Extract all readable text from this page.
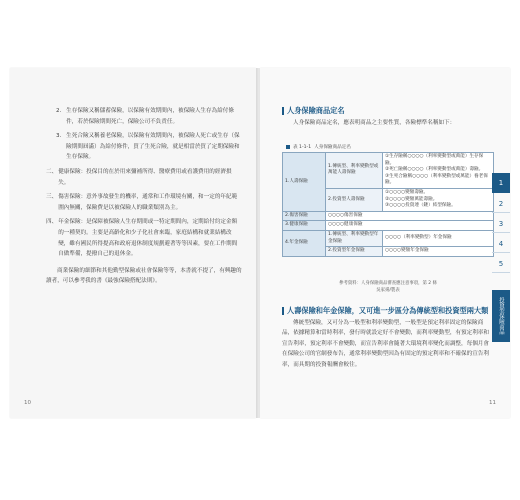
2． 生存保險又稱儲蓄保險，以保險有效期間內，被保險人生存為給付條件，若於保險期間死亡，保險公司不負責任。
3． 生死合險又稱養老保險，以保險有效期間內，被保險人死亡或生存（保險期間屆滿）為給付條件，買了生死合險，就是相當於買了定期保險和生存保險。
二、 健康保險：投保目的在於用來彌補所得、醫療費用或看護費用的經濟損失。
三、 傷害保險：意外事故發生的機率，通常和工作環境有關，和一定的年紀範圍內無關，保險費是以被保險人的職業類別為主。
四、 年金保險：是保障被保險人生存期間或一特定期間內，定期給付約定金額的一種契約。主要是高齡化和少子化社會來臨，家庭結構和就業結構改變，雖有國民所得提高和政府退休制度規劃避著等等因素，要在工作期間自做準備，提撥自己的退休金。
商業保險的細節和其他勤型保險或社會保險等等，本書就不提了，有興趣的讀者，可以參考我的書《最強保險搭配法則》。
10
人身保險商品定名
人身保險商品定名，應表明商品之主要性質，各險標準名稱如下：
表 1-1-1 人身保險商品定名
1.人壽保險	1.傳統型、利率變動型或萬能人壽保險	①生存險稱○○○○（利率變動型或萬能）生存保險。
②死亡險稱○○○○（利率變動型或萬能）壽險。
③生死合險稱○○○○（利率變動型或萬能）養老保險。

	2.投資型人壽保險	①○○○○變額壽險。
②○○○○變額萬能壽險。
③○○○○投資連（鏈）結型保險。

2.傷害保險	○○○○傷害保險	
3.健康保險	○○○○健康保險	
4.年金保險	1.傳統型、利率變動型年金保險	○○○○（利率變動型）年金保險
	2.投資型年金保險	○○○○變額年金保險
參考資料：人身保險商品審查應注意事項，第 2 條
吳家揚/製表
人壽保險和年金保險，又可進一步區分為傳統型和投資型兩大類
傳統型保險，又可分為一般型和利率變動型，一般型是預定利率固定的保險商品，依據精算和當時利率，發行時就設定好不會變動，而利率變動型，有預定利率和宣告利率，預定利率不會變動，而宣告利率會隨著大環境利率變化而調整，每個月會在保險公司的官網發布告，通常利率變動型因為有固定的預定利率和不確保的宣告利率，而具期的投資報酬會較往。
1
2
3
4
5
投資型保險商品
11
